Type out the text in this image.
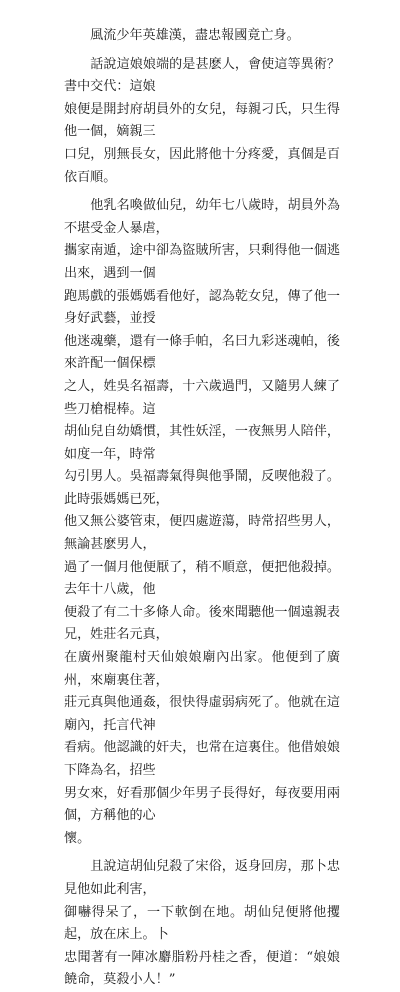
　　風流少年英雄漢，盡忠報國竟亡身。

　　話說這娘娘端的是甚麽人，會使這等異術？書中交代：這娘
娘便是開封府胡員外的女兒，每親刁氏，只生得他一個，嫡親三
口兒，別無長女，因此將他十分疼愛，真個是百依百順。

　　他乳名喚做仙兒，幼年七八歲時，胡員外為不堪受金人暴虐，
攜家南遁，途中卻為盜賊所害，只剩得他一個逃出來，遇到一個
跑馬戲的張媽媽看他好，認為乾女兒，傳了他一身好武藝，並授
他迷魂藥，還有一條手帕，名曰九彩迷魂帕，後來許配一個保標
之人，姓吳名福壽，十六歲過門，又隨男人練了些刀槍棍棒。這
胡仙兒自幼嬌慣，其性妖淫，一夜無男人陪伴，如度一年，時常
勾引男人。吳福壽氣得與他爭鬧，反喫他殺了。此時張媽媽已死，
他又無公婆管束，便四處遊蕩，時常招些男人，無論甚麽男人，
過了一個月他便厭了，稍不順意，便把他殺掉。去年十八歲，他
便殺了有二十多條人命。後來聞聽他一個遠親表兄，姓莊名元真，
在廣州聚龍村天仙娘娘廟內出家。他便到了廣州，來廟裏住著，
莊元真與他通姦，很快得虛弱病死了。他就在這廟內，托言代神
看病。他認識的奸夫，也常在這裏住。他借娘娘下降為名，招些
男女來，好看那個少年男子長得好，每夜要用兩個，方稱他的心
懷。

　　且說這胡仙兒殺了宋俗，返身回房，那卜忠見他如此利害，
御嚇得呆了，一下軟倒在地。胡仙兒便將他攫起，放在床上。卜
忠聞著有一陣冰麝脂粉丹桂之香，便道：“娘娘饒命，莫殺小人！”
